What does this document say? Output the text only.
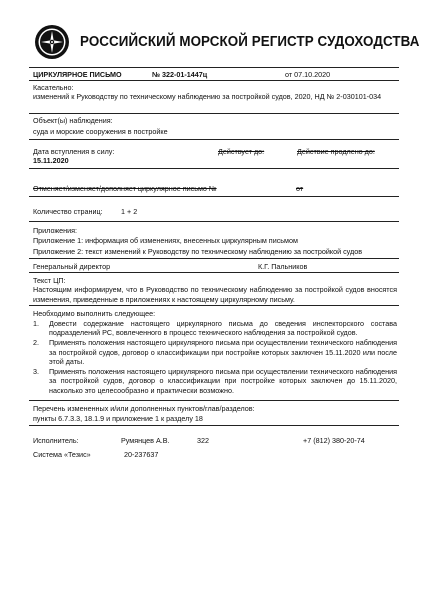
РОССИЙСКИЙ МОРСКОЙ РЕГИСТР СУДОХОДСТВА
ЦИРКУЛЯРНОЕ ПИСЬМО	№ 322-01-1447ц	от 07.10.2020
Касательно:
изменений к Руководству по техническому наблюдению за постройкой судов, 2020, НД № 2-030101-034
Объект(ы) наблюдения:
суда и морские сооружения в постройке
Дата вступления в силу:
15.11.2020
Действует до:	Действие продлено до:
Отменяет/изменяет/дополняет циркулярное письмо №	от
Количество страниц:	1 + 2
Приложения:
Приложение 1: информация об изменениях, внесенных циркулярным письмом
Приложение 2: текст изменений к Руководству по техническому наблюдению за постройкой судов
Генеральный директор	К.Г. Пальников
Текст ЦП:
Настоящим информируем, что в Руководство по техническому наблюдению за постройкой судов вносятся изменения, приведенные в приложениях к настоящему циркулярному письму.
Необходимо выполнить следующее:
1. Довести содержание настоящего циркулярного письма до сведения инспекторского состава подразделений РС, вовлеченного в процесс технического наблюдения за постройкой судов.
2. Применять положения настоящего циркулярного письма при осуществлении технического наблюдения за постройкой судов, договор о классификации при постройке которых заключен 15.11.2020 или после этой даты.
3. Применять положения настоящего циркулярного письма при осуществлении технического наблюдения за постройкой судов, договор о классификации при постройке которых заключен до 15.11.2020, насколько это целесообразно и практически возможно.
Перечень измененных и/или дополненных пунктов/глав/разделов:
пункты 6.7.3.3, 18.1.9 и приложение 1 к разделу 18
Исполнитель:	Румянцев А.В.	322	+7 (812) 380-20-74
Система «Тезис»	20-237637
